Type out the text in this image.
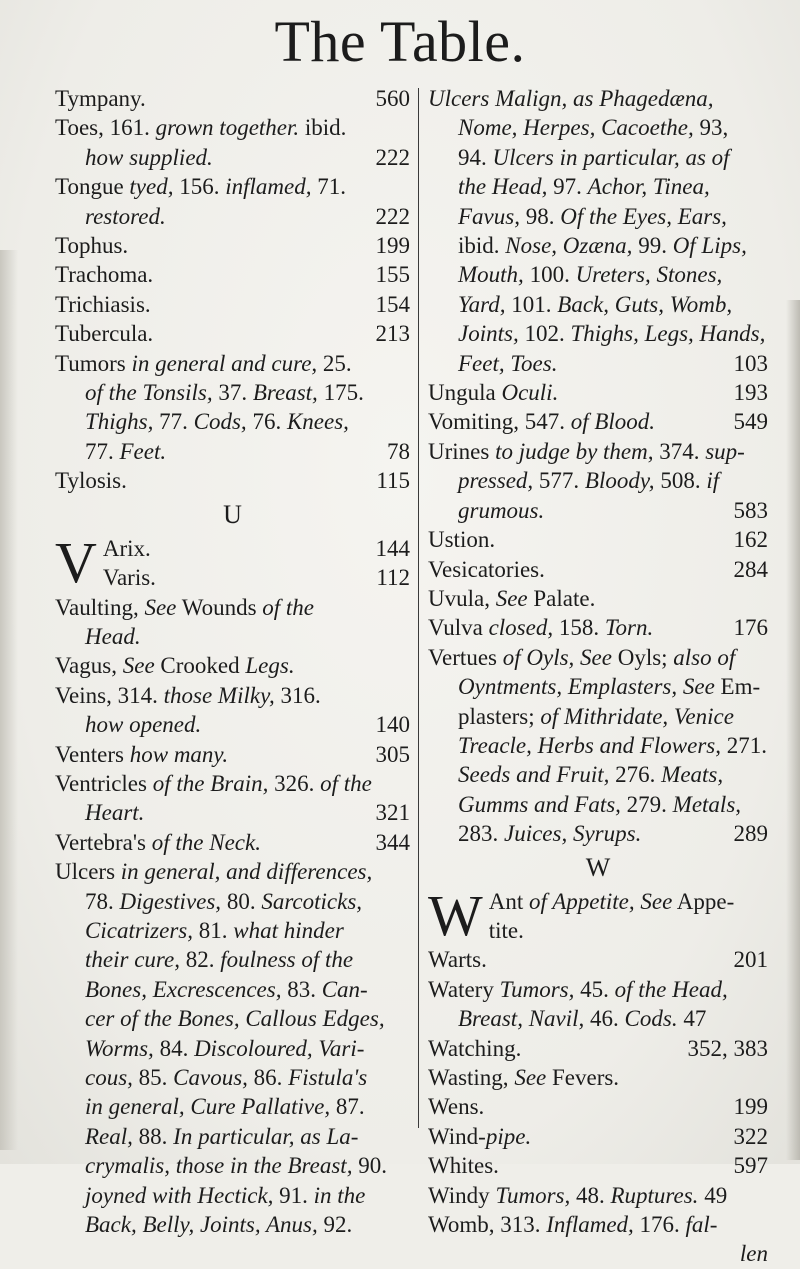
The Table.
Tympany.	560
Toes, 161. grown together. ibid.
how supplied.	222
Tongue tyed, 156. inflamed, 71.
restored.	222
Tophus.	199
Trachoma.	155
Trichiasis.	154
Tubercula.	213
Tumors in general and cure, 25.
of the Tonsils, 37. Breast, 175.
Thighs, 77. Cods, 76. Knees,
77. Feet.	78
Tylosis.	115
U
V Arix.	144
Varis.	112
Vaulting, See Wounds of the
Head.
Vagus, See Crooked Legs.
Veins, 314. those Milky, 316.
how opened.	140
Venters how many.	305
Ventricles of the Brain, 326. of the
Heart.	321
Vertebra's of the Neck.	344
Ulcers in general, and differences,
78. Digestives, 80. Sarcoticks,
Cicatrizers, 81. what hinder
their cure, 82. foulness of the
Bones, Excrescences, 83. Can-
cer of the Bones, Callous Edges,
Worms, 84. Discoloured, Vari-
cous, 85. Cavous, 86. Fistula's
in general, Cure Pallative, 87.
Real, 88. In particular, as La-
crymalis, those in the Breast, 90.
joyned with Hectick, 91. in the
Back, Belly, Joints, Anus, 92.
Ulcers Malign, as Phagedæna,
Nome, Herpes, Cacoethe, 93,
94. Ulcers in particular, as of
the Head, 97. Achor, Tinea,
Favus, 98. Of the Eyes, Ears,
ibid. Nose, Ozæna, 99. Of Lips,
Mouth, 100. Ureters, Stones,
Yard, 101. Back, Guts, Womb,
Joints, 102. Thighs, Legs, Hands,
Feet, Toes.	103
Ungula Oculi.	193
Vomiting, 547. of Blood.	549
Urines to judge by them, 374. sup-
pressed, 577. Bloody, 508. if
grumous.	583
Ustion.	162
Vesicatories.	284
Uvula, See Palate.
Vulva closed, 158. Torn.	176
Vertues of Oyls, See Oyls; also of
Oyntments, Emplasters, See Em-
plasters; of Mithridate, Venice
Treacle, Herbs and Flowers, 271.
Seeds and Fruit, 276. Meats,
Gumms and Fats, 279. Metals,
283. Juices, Syrups.	289
W
W Ant of Appetite, See Appe-
tite.
Warts.	201
Watery Tumors, 45. of the Head,
Breast, Navil, 46. Cods. 47
Watching.	352, 383
Wasting, See Fevers.
Wens.	199
Wind-pipe.	322
Whites.	597
Windy Tumors, 48. Ruptures. 49
Womb, 313. Inflamed, 176. fal-
len
